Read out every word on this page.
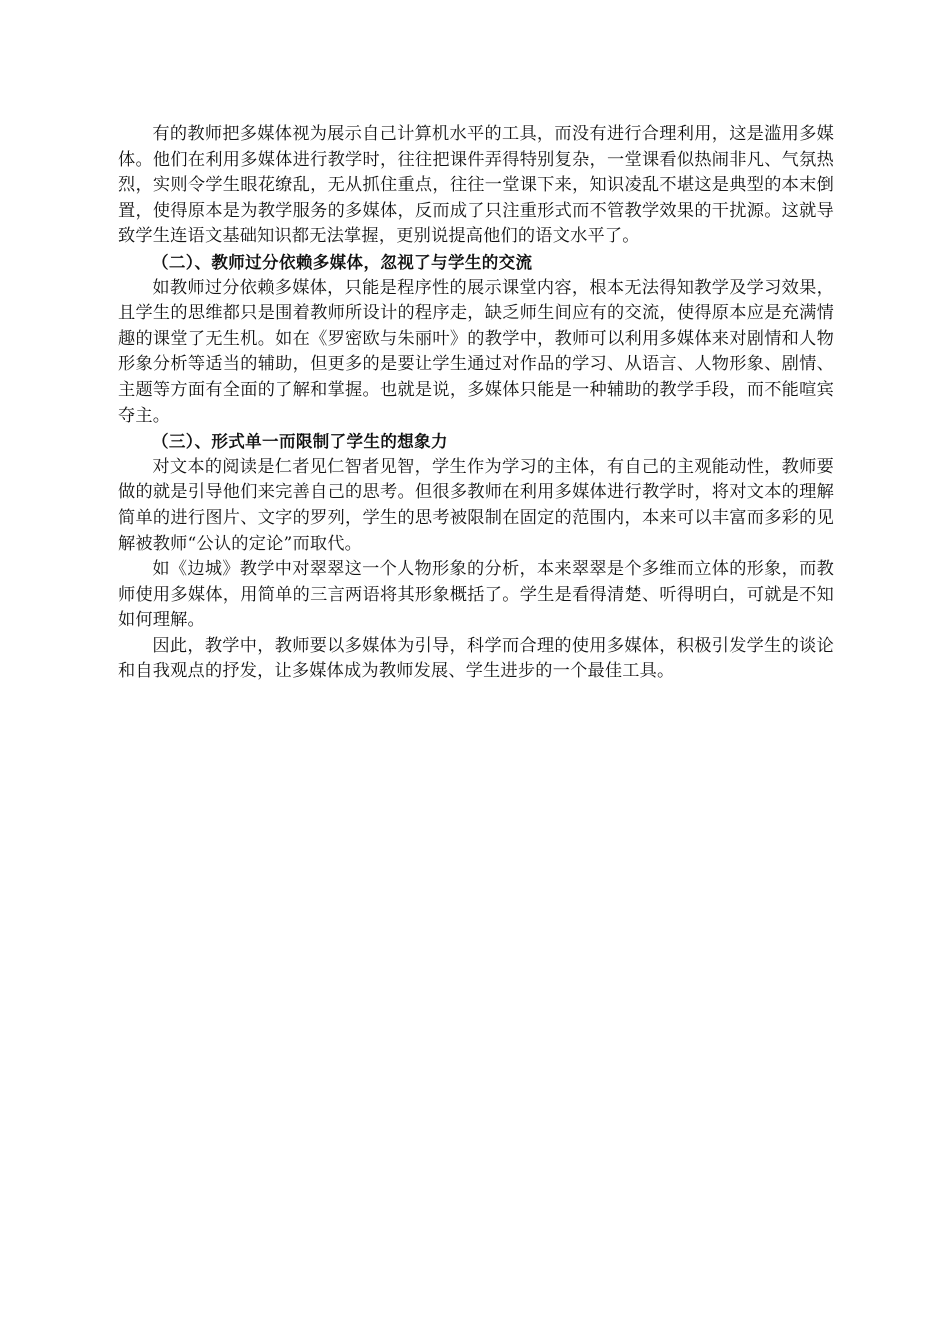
有的教师把多媒体视为展示自己计算机水平的工具，而没有进行合理利用，这是滥用多媒体。他们在利用多媒体进行教学时，往往把课件弄得特别复杂，一堂课看似热闹非凡、气氛热烈，实则令学生眼花缭乱，无从抓住重点，往往一堂课下来，知识凌乱不堪这是典型的本末倒置，使得原本是为教学服务的多媒体，反而成了只注重形式而不管教学效果的干扰源。这就导致学生连语文基础知识都无法掌握，更别说提高他们的语文水平了。

（二）、教师过分依赖多媒体，忽视了与学生的交流

如教师过分依赖多媒体，只能是程序性的展示课堂内容，根本无法得知教学及学习效果，且学生的思维都只是围着教师所设计的程序走，缺乏师生间应有的交流，使得原本应是充满情趣的课堂了无生机。如在《罗密欧与朱丽叶》的教学中，教师可以利用多媒体来对剧情和人物形象分析等适当的辅助，但更多的是要让学生通过对作品的学习、从语言、人物形象、剧情、主题等方面有全面的了解和掌握。也就是说，多媒体只能是一种辅助的教学手段，而不能喧宾夺主。

（三）、形式单一而限制了学生的想象力

对文本的阅读是仁者见仁智者见智，学生作为学习的主体，有自己的主观能动性，教师要做的就是引导他们来完善自己的思考。但很多教师在利用多媒体进行教学时，将对文本的理解简单的进行图片、文字的罗列，学生的思考被限制在固定的范围内，本来可以丰富而多彩的见解被教师“公认的定论”而取代。

如《边城》教学中对翠翠这一个人物形象的分析，本来翠翠是个多维而立体的形象，而教师使用多媒体，用简单的三言两语将其形象概括了。学生是看得清楚、听得明白，可就是不知如何理解。

因此，教学中，教师要以多媒体为引导，科学而合理的使用多媒体，积极引发学生的谈论和自我观点的抒发，让多媒体成为教师发展、学生进步的一个最佳工具。
